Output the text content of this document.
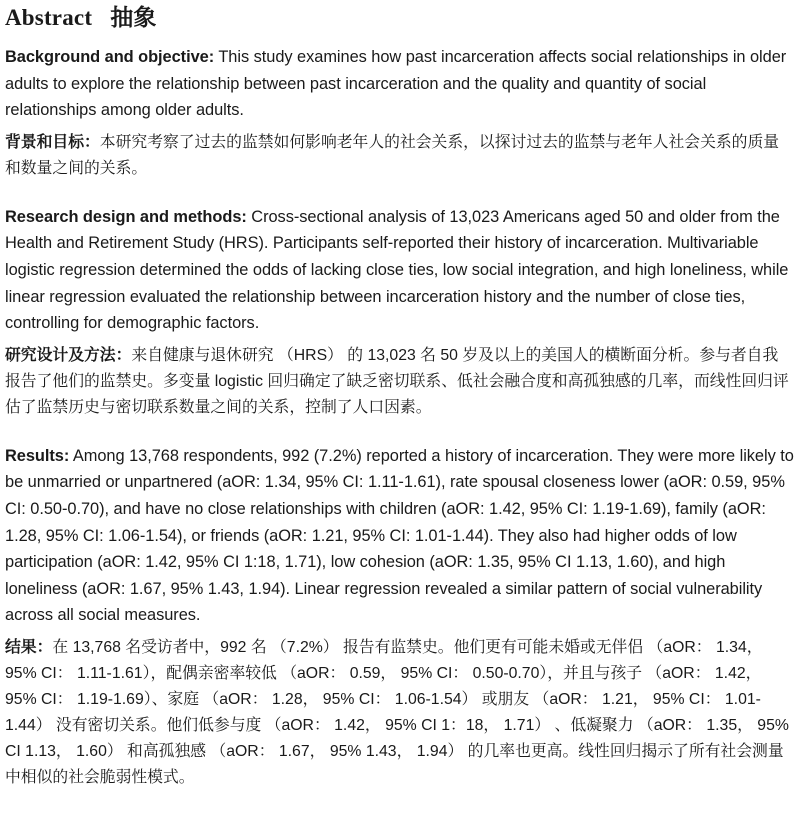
Abstract 抽象

Background and objective: This study examines how past incarceration affects social relationships in older adults to explore the relationship between past incarceration and the quality and quantity of social relationships among older adults.

背景和目标：本研究考察了过去的监禁如何影响老年人的社会关系，以探讨过去的监禁与老年人社会关系的质量和数量之间的关系。

Research design and methods: Cross-sectional analysis of 13,023 Americans aged 50 and older from the Health and Retirement Study (HRS). Participants self-reported their history of incarceration. Multivariable logistic regression determined the odds of lacking close ties, low social integration, and high loneliness, while linear regression evaluated the relationship between incarceration history and the number of close ties, controlling for demographic factors.

研究设计及方法：来自健康与退休研究 （HRS） 的 13,023 名 50 岁及以上的美国人的横断面分析。参与者自我报告了他们的监禁史。多变量 logistic 回归确定了缺乏密切联系、低社会融合度和高孤独感的几率，而线性回归评估了监禁历史与密切联系数量之间的关系，控制了人口因素。

Results: Among 13,768 respondents, 992 (7.2%) reported a history of incarceration. They were more likely to be unmarried or unpartnered (aOR: 1.34, 95% CI: 1.11-1.61), rate spousal closeness lower (aOR: 0.59, 95% CI: 0.50-0.70), and have no close relationships with children (aOR: 1.42, 95% CI: 1.19-1.69), family (aOR: 1.28, 95% CI: 1.06-1.54), or friends (aOR: 1.21, 95% CI: 1.01-1.44). They also had higher odds of low participation (aOR: 1.42, 95% CI 1:18, 1.71), low cohesion (aOR: 1.35, 95% CI 1.13, 1.60), and high loneliness (aOR: 1.67, 95% 1.43, 1.94). Linear regression revealed a similar pattern of social vulnerability across all social measures.

结果：在 13,768 名受访者中，992 名 （7.2%） 报告有监禁史。他们更有可能未婚或无伴侣 （aOR： 1.34， 95% CI： 1.11-1.61），配偶亲密率较低 （aOR： 0.59， 95% CI： 0.50-0.70），并且与孩子 （aOR： 1.42， 95% CI： 1.19-1.69）、家庭 （aOR： 1.28， 95% CI： 1.06-1.54） 或朋友 （aOR： 1.21， 95% CI： 1.01-1.44） 没有密切关系。他们低参与度 （aOR： 1.42， 95% CI 1：18， 1.71） 、低凝聚力 （aOR： 1.35， 95% CI 1.13， 1.60） 和高孤独感 （aOR： 1.67， 95% 1.43， 1.94） 的几率也更高。线性回归揭示了所有社会测量中相似的社会脆弱性模式。
